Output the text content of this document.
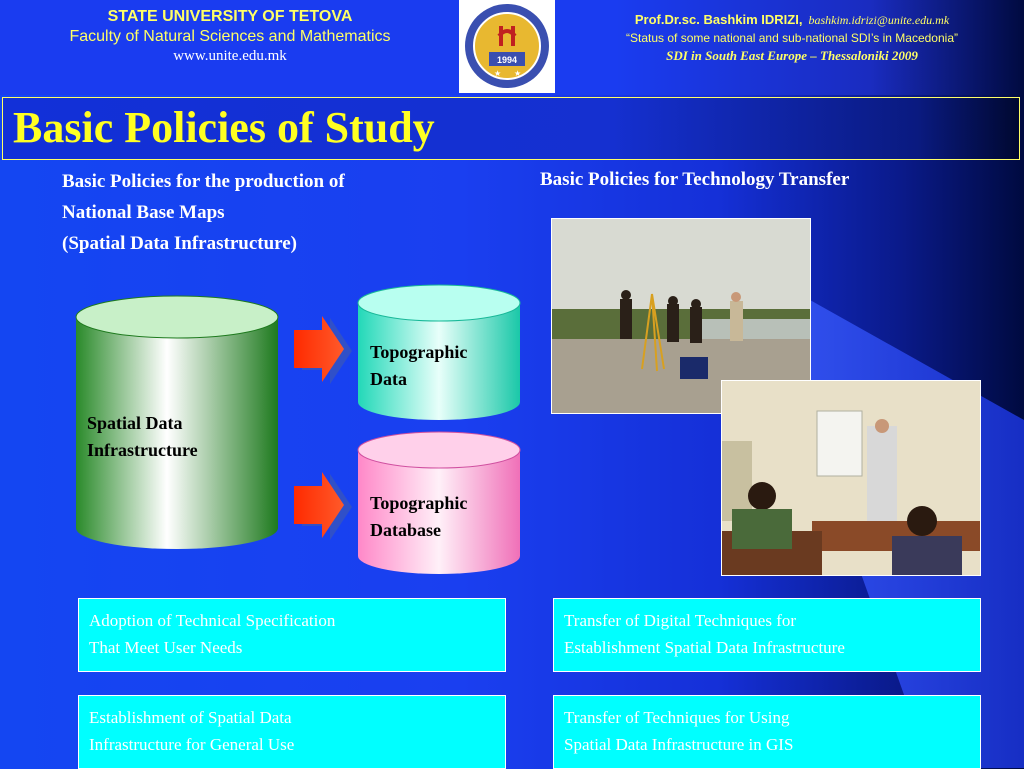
STATE UNIVERSITY OF TETOVA
Faculty of Natural Sciences and Mathematics
www.unite.edu.mk	1994
★ ★
Prof.Dr.sc. Bashkim IDRIZI, bashkim.idrizi@unite.edu.mk
“Status of some national and sub-national SDI’s in Macedonia”
SDI in South East Europe – Thessaloniki 2009
Basic Policies of Study
Basic Policies for the production of
National Base Maps
(Spatial Data Infrastructure)
Basic Policies for Technology Transfer
Spatial Data
Infrastructure
Topographic
Data
Topographic
Database
Adoption of Technical Specification
That Meet User Needs
Transfer of Digital Techniques for
Establishment Spatial Data Infrastructure
Establishment of Spatial Data
Infrastructure for General Use
Transfer of Techniques for Using
Spatial Data Infrastructure in GIS
